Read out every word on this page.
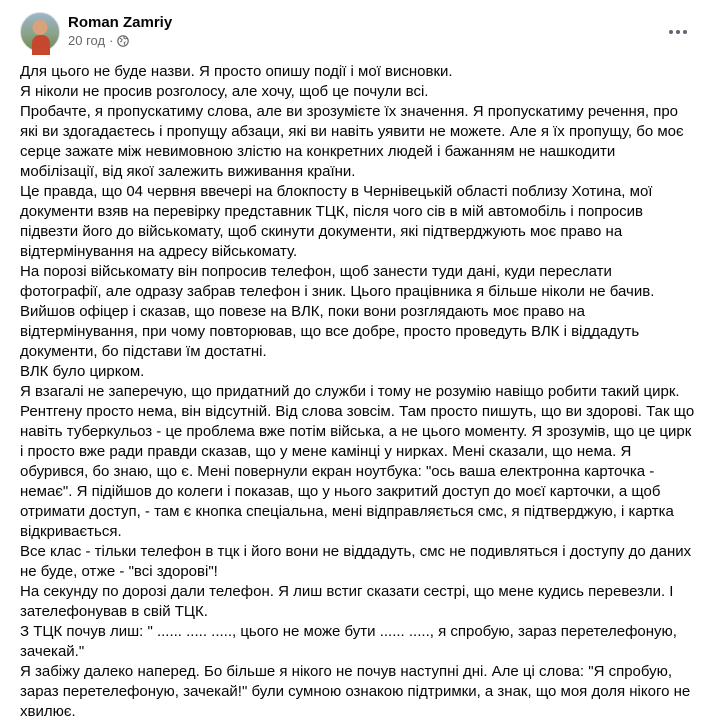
Roman Zamriy
20 год ·

Для цього не буде назви. Я просто опишу події і мої висновки.

Я ніколи не просив розголосу, але хочу, щоб це почули всі.

Пробачте, я пропускатиму слова, але ви зрозумієте їх значення. Я пропускатиму речення, про які ви здогадаєтесь і пропущу абзаци, які ви навіть уявити не можете. Але я їх пропущу, бо моє серце зажате між невимовною злістю на конкретних людей і бажанням не нашкодити мобілізації, від якої залежить виживання країни.

Це правда, що 04 червня ввечері на блокпосту в Чернівецькій області поблизу Хотина, мої документи взяв на перевірку представник ТЦК, після чого сів в мій автомобіль і попросив підвезти його до військомату, щоб скинути документи, які підтверджують моє право на відтермінування на адресу військомату.

На порозі військомату він попросив телефон, щоб занести туди дані, куди переслати фотографії, але одразу забрав телефон і зник. Цього працівника я більше ніколи не бачив.

Вийшов офіцер і сказав, що повезе на ВЛК, поки вони розглядають моє право на відтермінування, при чому повторював, що все добре, просто проведуть ВЛК і віддадуть документи, бо підстави їм достатні.

ВЛК було цирком.

Я взагалі не заперечую, що придатний до служби і тому не розумію навіщо робити такий цирк. Рентгену просто нема, він відсутній. Від слова зовсім. Там просто пишуть, що ви здорові. Так що навіть туберкульоз - це проблема вже потім війська, а не цього моменту. Я зрозумів, що це цирк і просто вже ради правди сказав, що у мене камінці у нирках. Мені сказали, що нема. Я обурився, бо знаю, що є. Мені повернули екран ноутбука: "ось ваша електронна карточка - немає". Я підійшов до колеги і показав, що у нього закритий доступ до моєї карточки, а щоб отримати доступ, - там є кнопка спеціальна, мені відправляється смс, я підтверджую, і картка відкривається.

Все клас - тільки телефон в тцк і його вони не віддадуть, смс не подивляться і доступу до даних не буде, отже - "всі здорові"!

На секунду по дорозі дали телефон. Я лиш встиг сказати сестрі, що мене кудись перевезли. І зателефонував в свій ТЦК.

З ТЦК почув лиш: " ...... ..... ....., цього не може бути ...... ....., я спробую, зараз перетелефоную, зачекай."

Я забіжу далеко наперед. Бо більше я нікого не почув наступні дні. Але ці слова: "Я спробую, зараз перетелефоную, зачекай!" були сумною ознакою підтримки, а знак, що моя доля нікого не хвилює.
